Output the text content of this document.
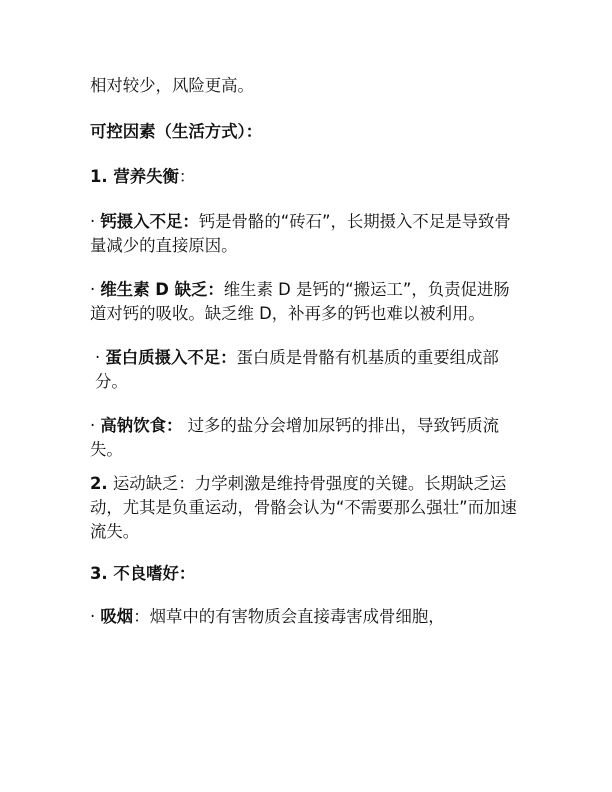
相对较少，风险更高。

可控因素（生活方式）：

1. 营养失衡：

· 钙摄入不足：钙是骨骼的“砖石”，长期摄入不足是导致骨量减少的直接原因。

· 维生素 D 缺乏：维生素 D 是钙的“搬运工”，负责促进肠道对钙的吸收。缺乏维 D，补再多的钙也难以被利用。

· 蛋白质摄入不足：蛋白质是骨骼有机基质的重要组成部分。

· 高钠饮食： 过多的盐分会增加尿钙的排出，导致钙质流失。

2. 运动缺乏：力学刺激是维持骨强度的关键。长期缺乏运动，尤其是负重运动，骨骼会认为“不需要那么强壮”而加速流失。

3. 不良嗜好：

· 吸烟：烟草中的有害物质会直接毒害成骨细胞，
